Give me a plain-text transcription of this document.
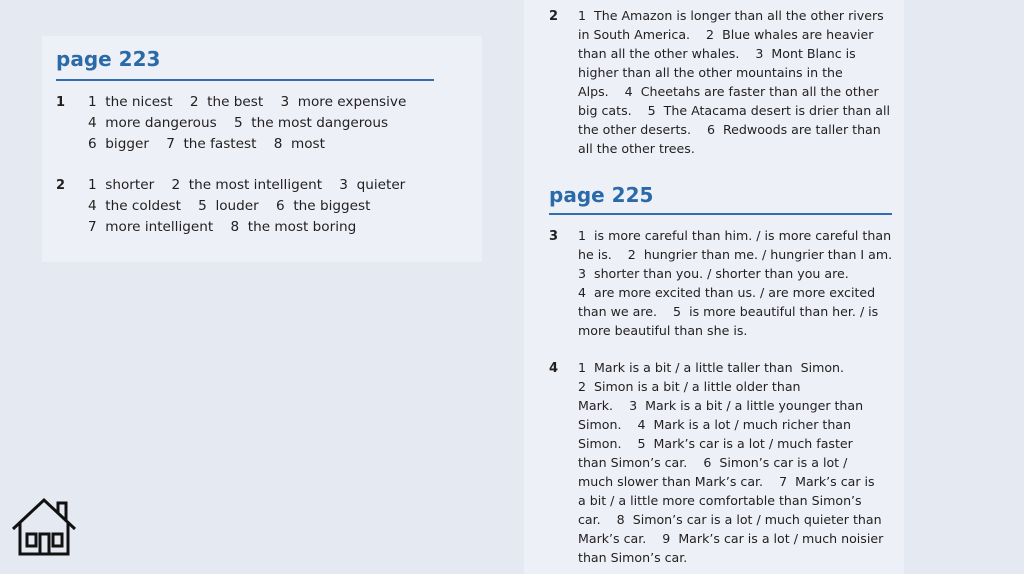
page 223
1 1  the nicest    2  the best    3  more expensive
4  more dangerous    5  the most dangerous
6  bigger    7  the fastest    8  most
2 1  shorter    2  the most intelligent    3  quieter
4  the coldest    5  louder    6  the biggest
7  more intelligent    8  the most boring
2 1  The Amazon is longer than all the other rivers
in South America.    2  Blue whales are heavier
than all the other whales.    3  Mont Blanc is
higher than all the other mountains in the
Alps.    4  Cheetahs are faster than all the other
big cats.    5  The Atacama desert is drier than all
the other deserts.    6  Redwoods are taller than
all the other trees.
page 225
3 1  is more careful than him. / is more careful than
he is.    2  hungrier than me. / hungrier than I am.
3  shorter than you. / shorter than you are.
4  are more excited than us. / are more excited
than we are.    5  is more beautiful than her. / is
more beautiful than she is.
4 1  Mark is a bit / a little taller than  Simon.
2  Simon is a bit / a little older than
Mark.    3  Mark is a bit / a little younger than
Simon.    4  Mark is a lot / much richer than
Simon.    5  Mark’s car is a lot / much faster
than Simon’s car.    6  Simon’s car is a lot /
much slower than Mark’s car.    7  Mark’s car is
a bit / a little more comfortable than Simon’s
car.    8  Simon’s car is a lot / much quieter than
Mark’s car.    9  Mark’s car is a lot / much noisier
than Simon’s car.
